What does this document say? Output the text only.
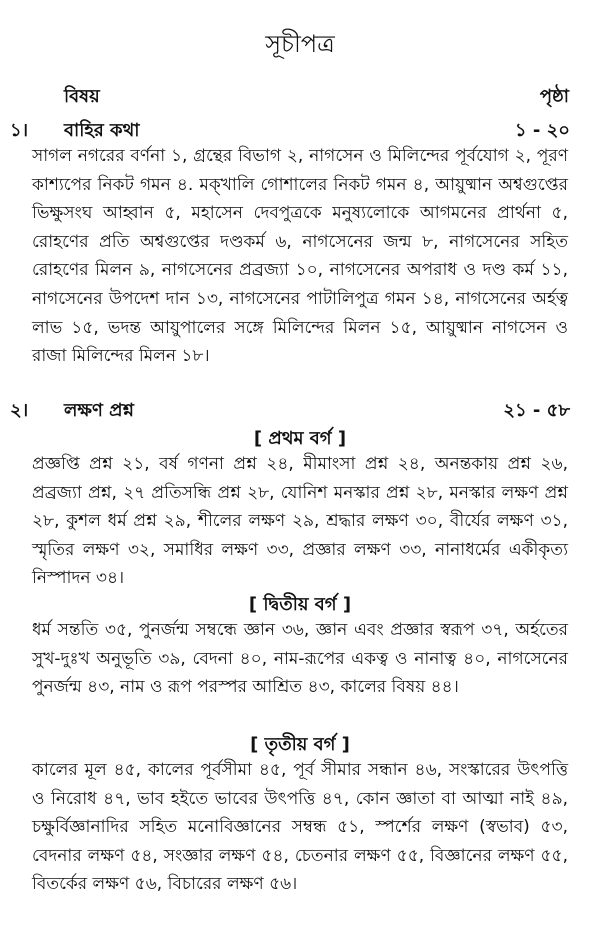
সূচীপত্র
বিষয়	পৃষ্ঠা
১। বাহির কথা	১ - ২০
সাগল নগরের বর্ণনা ১, গ্রন্থের বিভাগ ২, নাগসেন ও মিলিন্দের পূর্বযোগ ২, পূরণ কাশ্যপের নিকট গমন ৪. মক্খালি গোশালের নিকট গমন ৪, আয়ুষ্মান অশ্বগুপ্তের ভিক্ষুসংঘ আহ্বান ৫, মহাসেন দেবপুত্রকে মনুষ্যলোকে আগমনের প্রার্থনা ৫, রোহণের প্রতি অশ্বগুপ্তের দণ্ডকর্ম ৬, নাগসেনের জন্ম ৮, নাগসেনের সহিত রোহণের মিলন ৯, নাগসেনের প্রব্রজ্যা ১০, নাগসেনের অপরাধ ও দণ্ড কর্ম ১১, নাগসেনের উপদেশ দান ১৩, নাগসেনের পাটালিপুত্র গমন ১৪, নাগসেনের অর্হত্ব লাভ ১৫, ভদন্ত আয়ুপালের সঙ্গে মিলিন্দের মিলন ১৫, আয়ুষ্মান নাগসেন ও রাজা মিলিন্দের মিলন ১৮।
২। লক্ষণ প্রশ্ন	২১ - ৫৮
[ প্রথম বর্গ ]
প্রজ্ঞপ্তি প্রশ্ন ২১, বর্ষ গণনা প্রশ্ন ২৪, মীমাংসা প্রশ্ন ২৪, অনন্তকায় প্রশ্ন ২৬, প্রব্রজ্যা প্রশ্ন, ২৭ প্রতিসন্ধি প্রশ্ন ২৮, যোনিশ মনস্কার প্রশ্ন ২৮, মনস্কার লক্ষণ প্রশ্ন ২৮, কুশল ধর্ম প্রশ্ন ২৯, শীলের লক্ষণ ২৯, শ্রদ্ধার লক্ষণ ৩০, বীর্যের লক্ষণ ৩১, স্মৃতির লক্ষণ ৩২, সমাধির লক্ষণ ৩৩, প্রজ্ঞার লক্ষণ ৩৩, নানাধর্মের একীকৃত্য নিস্পাদন ৩৪।
[ দ্বিতীয় বর্গ ]
ধর্ম সন্ততি ৩৫, পুনর্জন্ম সম্বন্ধে জ্ঞান ৩৬, জ্ঞান এবং প্রজ্ঞার স্বরূপ ৩৭, অর্হতের সুখ-দুঃখ অনুভূতি ৩৯, বেদনা ৪০, নাম-রূপের একত্ব ও নানাত্ব ৪০, নাগসেনের পুনর্জন্ম ৪৩, নাম ও রূপ পরস্পর আশ্রিত ৪৩, কালের বিষয় ৪৪।
[ তৃতীয় বর্গ ]
কালের মূল ৪৫, কালের পূর্বসীমা ৪৫, পূর্ব সীমার সন্ধান ৪৬, সংস্কারের উৎপত্তি ও নিরোধ ৪৭, ভাব হইতে ভাবের উৎপত্তি ৪৭, কোন জ্ঞাতা বা আত্মা নাই ৪৯, চক্ষুর্বিজ্ঞানাদির সহিত মনোবিজ্ঞানের সম্বন্ধ ৫১, স্পর্শের লক্ষণ (স্বভাব) ৫৩, বেদনার লক্ষণ ৫৪, সংজ্ঞার লক্ষণ ৫৪, চেতনার লক্ষণ ৫৫, বিজ্ঞানের লক্ষণ ৫৫, বিতর্কের লক্ষণ ৫৬, বিচারের লক্ষণ ৫৬।
